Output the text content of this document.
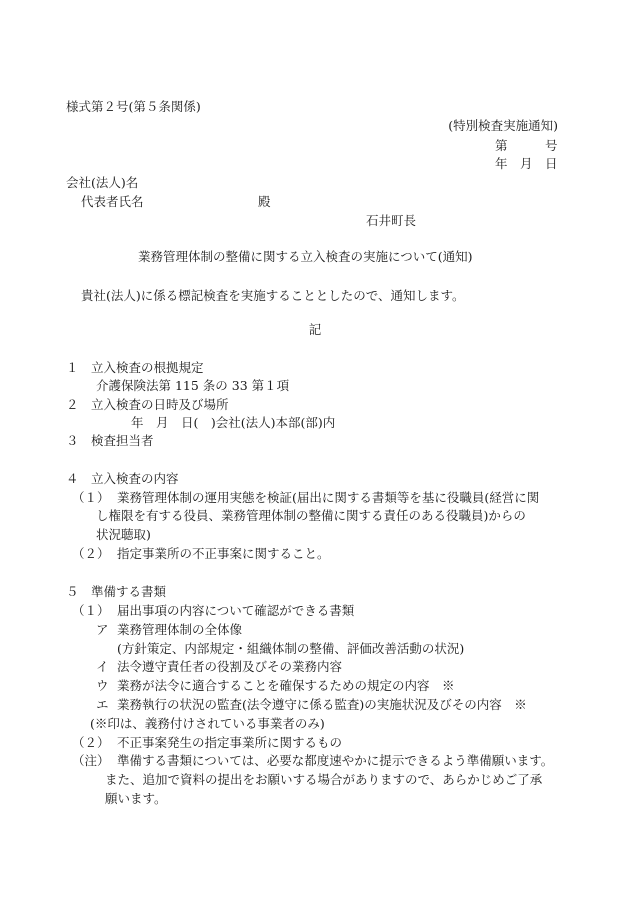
様式第２号(第５条関係)
(特別検査実施通知)
第　　　号
年　月　日
会社(法人)名
代表者氏名	殿
石井町長
業務管理体制の整備に関する立入検査の実施について(通知)
貴社(法人)に係る標記検査を実施することとしたので、通知します。
記
１　立入検査の根拠規定
介護保険法第 115 条の 33 第１項
２　立入検査の日時及び場所
年　月　日(　)会社(法人)本部(部)内
３　検査担当者
４　立入検査の内容
（１） 業務管理体制の運用実態を検証(届出に関する書類等を基に役職員(経営に関
し権限を有する役員、業務管理体制の整備に関する責任のある役職員)からの
状況聴取)
（２） 指定事業所の不正事案に関すること。
５　準備する書類
（１） 届出事項の内容について確認ができる書類
ア 業務管理体制の全体像
(方針策定、内部規定・組織体制の整備、評価改善活動の状況)
イ 法令遵守責任者の役割及びその業務内容
ウ 業務が法令に適合することを確保するための規定の内容　※
エ 業務執行の状況の監査(法令遵守に係る監査)の実施状況及びその内容　※
(※印は、義務付けされている事業者のみ)
（２） 不正事案発生の指定事業所に関するもの
（注） 準備する書類については、必要な都度速やかに提示できるよう準備願います。
また、追加で資料の提出をお願いする場合がありますので、あらかじめご了承
願います。
